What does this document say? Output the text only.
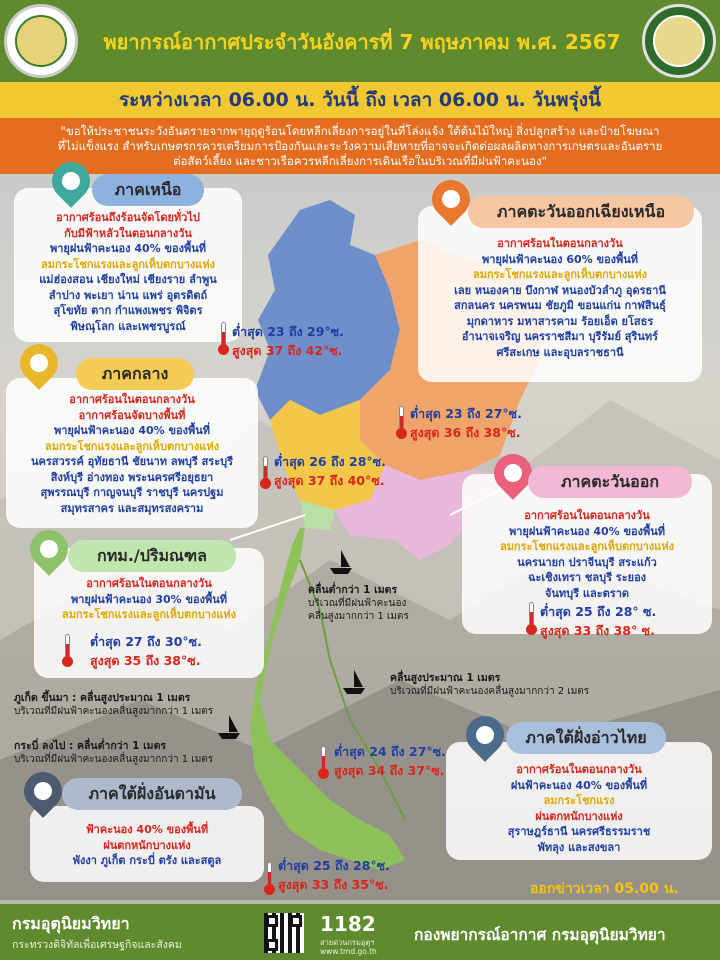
พยากรณ์อากาศประจำวันอังคารที่ 7 พฤษภาคม พ.ศ. 2567
ระหว่างเวลา 06.00 น. วันนี้ ถึง เวลา 06.00 น. วันพรุ่งนี้
"ขอให้ประชาชนระวังอันตรายจากพายุฤดูร้อนโดยหลีกเลี่ยงการอยู่ในที่โล่งแจ้ง ใต้ต้นไม้ใหญ่ สิ่งปลูกสร้าง และป้ายโฆษณา
ที่ไม่แข็งแรง สำหรับเกษตรกรควรเตรียมการป้องกันและระวังความเสียหายที่อาจจะเกิดต่อผลผลิตทางการเกษตรและอันตราย
ต่อสัตว์เลี้ยง และชาวเรือควรหลีกเลี่ยงการเดินเรือในบริเวณที่มีฝนฟ้าคะนอง"
อากาศร้อนถึงร้อนจัดโดยทั่วไป
กับมีฟ้าหลัวในตอนกลางวัน
พายุฝนฟ้าคะนอง 40% ของพื้นที่
ลมกระโชกแรงและลูกเห็บตกบางแห่ง
แม่ฮ่องสอน เชียงใหม่ เชียงราย ลำพูน
ลำปาง พะเยา น่าน แพร่ อุตรดิตถ์
สุโขทัย ตาก กำแพงเพชร พิจิตร
พิษณุโลก และเพชรบูรณ์
ภาคเหนือ
ต่ำสุด 23 ถึง 29°ซ.
สูงสุด 37 ถึง 42°ซ.
อากาศร้อนในตอนกลางวัน
พายุฝนฟ้าคะนอง 60% ของพื้นที่
ลมกระโชกแรงและลูกเห็บตกบางแห่ง
เลย หนองคาย บึงกาฬ หนองบัวลำภู อุดรธานี
สกลนคร นครพนม ชัยภูมิ ขอนแก่น กาฬสินธุ์
มุกดาหาร มหาสารคาม ร้อยเอ็ด ยโสธร
อำนาจเจริญ นครราชสีมา บุรีรัมย์ สุรินทร์
ศรีสะเกษ และอุบลราชธานี
ภาคตะวันออกเฉียงเหนือ
ต่ำสุด 23 ถึง 27°ซ.
สูงสุด 36 ถึง 38°ซ.
อากาศร้อนในตอนกลางวัน
อากาศร้อนจัดบางพื้นที่
พายุฝนฟ้าคะนอง 40% ของพื้นที่
ลมกระโชกแรงและลูกเห็บตกบางแห่ง
นครสวรรค์ อุทัยธานี ชัยนาท ลพบุรี สระบุรี
สิงห์บุรี อ่างทอง พระนครศรีอยุธยา
สุพรรณบุรี กาญจนบุรี ราชบุรี นครปฐม
สมุทรสาคร และสมุทรสงคราม
ภาคกลาง
ต่ำสุด 26 ถึง 28°ซ.
สูงสุด 37 ถึง 40°ซ.
อากาศร้อนในตอนกลางวัน
พายุฝนฟ้าคะนอง 40% ของพื้นที่
ลมกระโชกแรงและลูกเห็บตกบางแห่ง
นครนายก ปราจีนบุรี สระแก้ว
ฉะเชิงเทรา ชลบุรี ระยอง
จันทบุรี และตราด
ภาคตะวันออก
ต่ำสุด 25 ถึง 28° ซ.
สูงสุด 33 ถึง 38° ซ.
อากาศร้อนในตอนกลางวัน
พายุฝนฟ้าคะนอง 30% ของพื้นที่
ลมกระโชกแรงและลูกเห็บตกบางแห่ง
กทม./ปริมณฑล
ต่ำสุด 27 ถึง 30°ซ.
สูงสุด 35 ถึง 38°ซ.
อากาศร้อนในตอนกลางวัน
ฝนฟ้าคะนอง 40% ของพื้นที่
ลมกระโชกแรง
ฝนตกหนักบางแห่ง
สุราษฎร์ธานี นครศรีธรรมราช
พัทลุง และสงขลา
ภาคใต้ฝั่งอ่าวไทย
ต่ำสุด 24 ถึง 27°ซ.
สูงสุด 34 ถึง 37°ซ.
ฟ้าคะนอง 40% ของพื้นที่
ฝนตกหนักบางแห่ง
พังงา ภูเก็ต กระบี่ ตรัง และสตูล
ภาคใต้ฝั่งอันดามัน
ต่ำสุด 25 ถึง 28°ซ.
สูงสุด 33 ถึง 35°ซ.
คลื่นต่ำกว่า 1 เมตร
บริเวณที่มีฝนฟ้าคะนอง
คลื่นสูงมากกว่า 1 เมตร
คลื่นสูงประมาณ 1 เมตร
บริเวณที่มีฝนฟ้าคะนองคลื่นสูงมากกว่า 2 เมตร
ภูเก็ต ขึ้นมา : คลื่นสูงประมาณ 1 เมตร
บริเวณที่มีฝนฟ้าคะนองคลื่นสูงมากกว่า 1 เมตร
กระบี่ ลงไป : คลื่นต่ำกว่า 1 เมตร
บริเวณที่มีฝนฟ้าคะนองคลื่นสูงมากกว่า 1 เมตร
ออกข่าวเวลา 05.00 น.
กรมอุตุนิยมวิทยา
กระทรวงดิจิทัลเพื่อเศรษฐกิจและสังคม
1182
สายด่วนกรมอุตุฯ
www.tmd.go.th
กองพยากรณ์อากาศ กรมอุตุนิยมวิทยา
